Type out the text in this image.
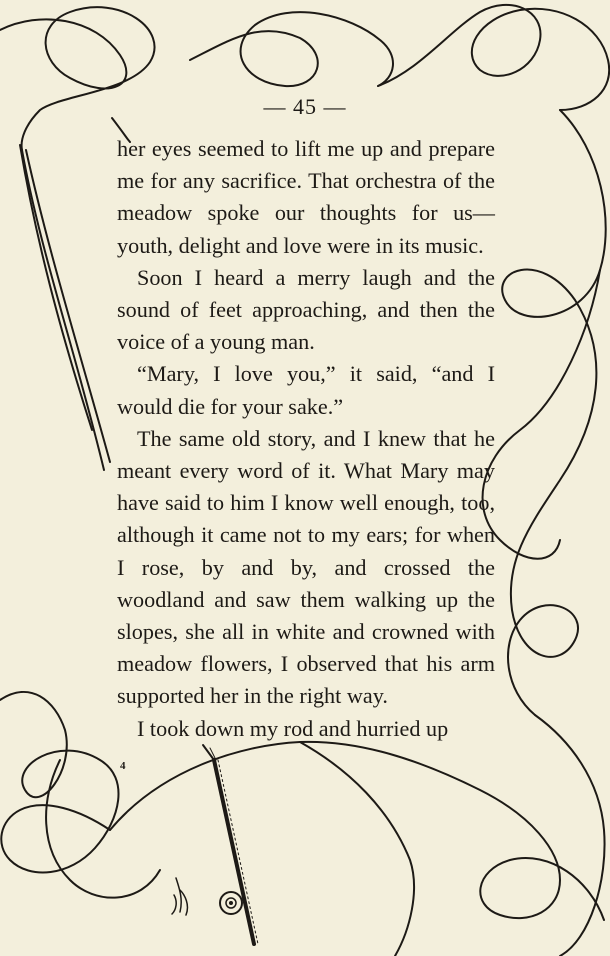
— 45 —

her eyes seemed to lift me up and prepare me for any sacrifice. That orchestra of the meadow spoke our thoughts for us—youth, delight and love were in its music.

Soon I heard a merry laugh and the sound of feet approaching, and then the voice of a young man.

“Mary, I love you,” it said, “and I would die for your sake.”

The same old story, and I knew that he meant every word of it. What Mary may have said to him I know well enough, too, although it came not to my ears; for when I rose, by and by, and crossed the woodland and saw them walking up the slopes, she all in white and crowned with meadow flowers, I observed that his arm supported her in the right way.

I took down my rod and hurried up

4
